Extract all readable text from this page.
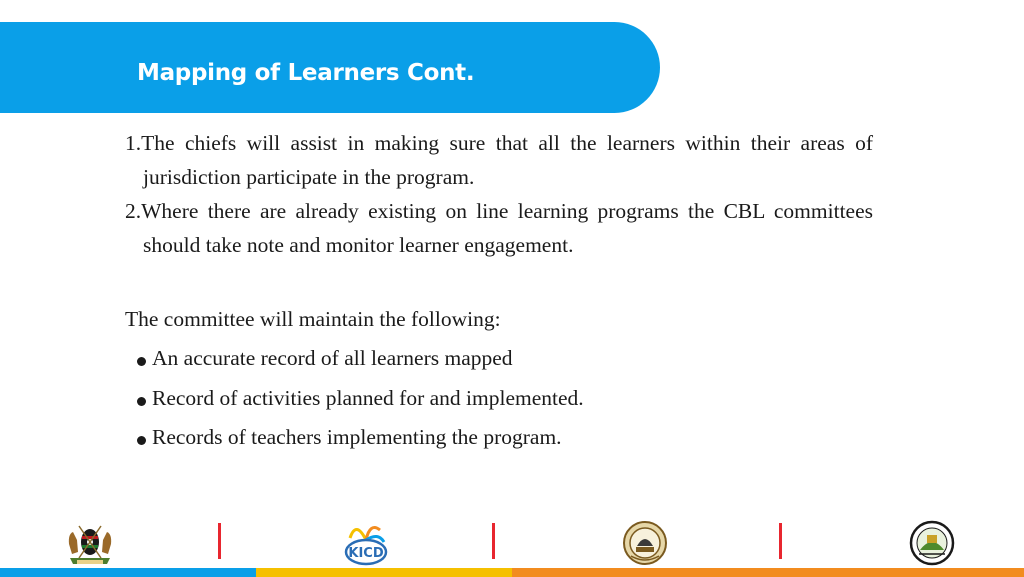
Mapping of Learners Cont.

1.The chiefs will assist in making sure that all the learners within their areas of jurisdiction participate in the program.

2.Where there are already existing on line learning programs the CBL committees should take note and monitor learner engagement.

The committee will maintain the following:

An accurate record of all learners mapped
Record of activities planned for and implemented.
Records of teachers implementing the program.
KICD
